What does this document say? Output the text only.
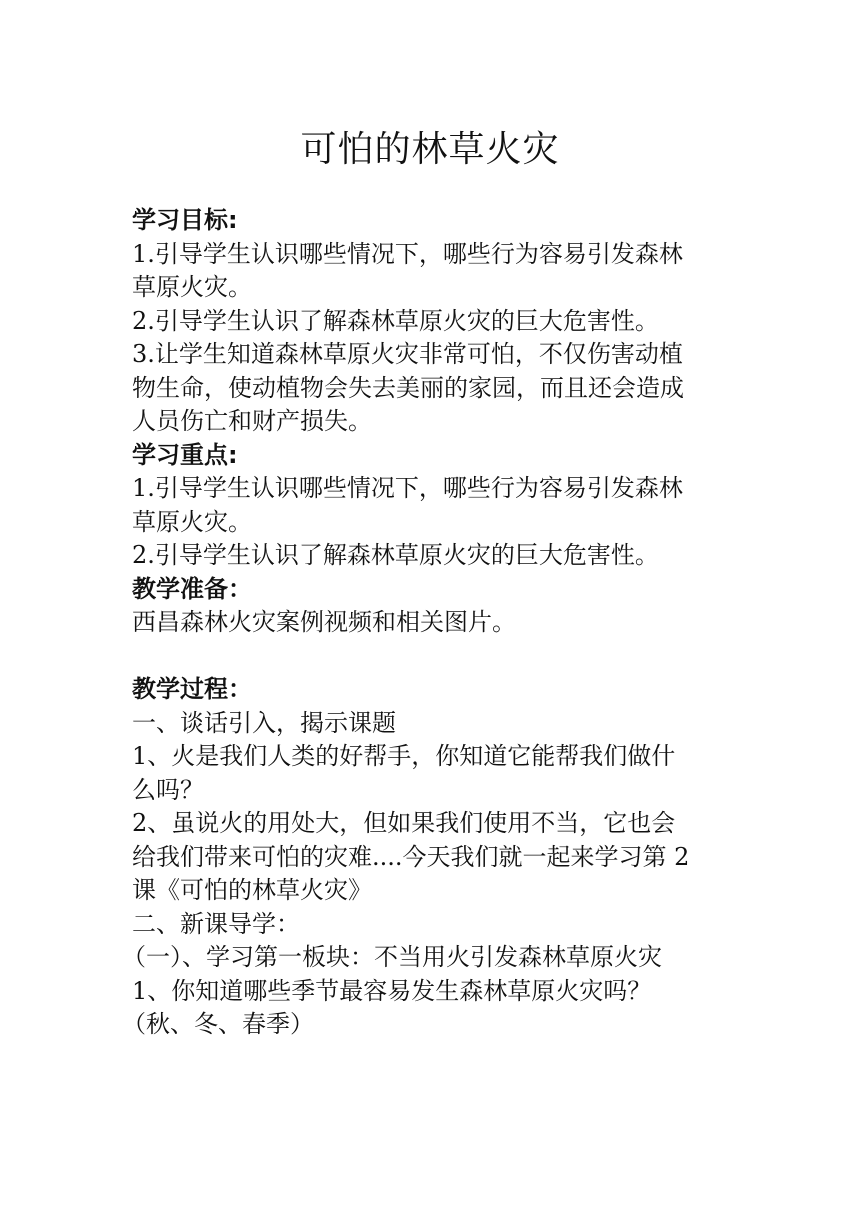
可怕的林草火灾
学习目标:
1.引导学生认识哪些情况下，哪些行为容易引发森林
草原火灾。
2.引导学生认识了解森林草原火灾的巨大危害性。
3.让学生知道森林草原火灾非常可怕，不仅伤害动植
物生命，使动植物会失去美丽的家园，而且还会造成
人员伤亡和财产损失。
学习重点:
1.引导学生认识哪些情况下，哪些行为容易引发森林
草原火灾。
2.引导学生认识了解森林草原火灾的巨大危害性。
教学准备：
西昌森林火灾案例视频和相关图片。
教学过程：
一、谈话引入，揭示课题
1、火是我们人类的好帮手，你知道它能帮我们做什
么吗？
2、虽说火的用处大，但如果我们使用不当，它也会
给我们带来可怕的灾难....今天我们就一起来学习第 2
课《可怕的林草火灾》
二、新课导学：
（一）、学习第一板块：不当用火引发森林草原火灾
1、你知道哪些季节最容易发生森林草原火灾吗？
（秋、冬、春季）
